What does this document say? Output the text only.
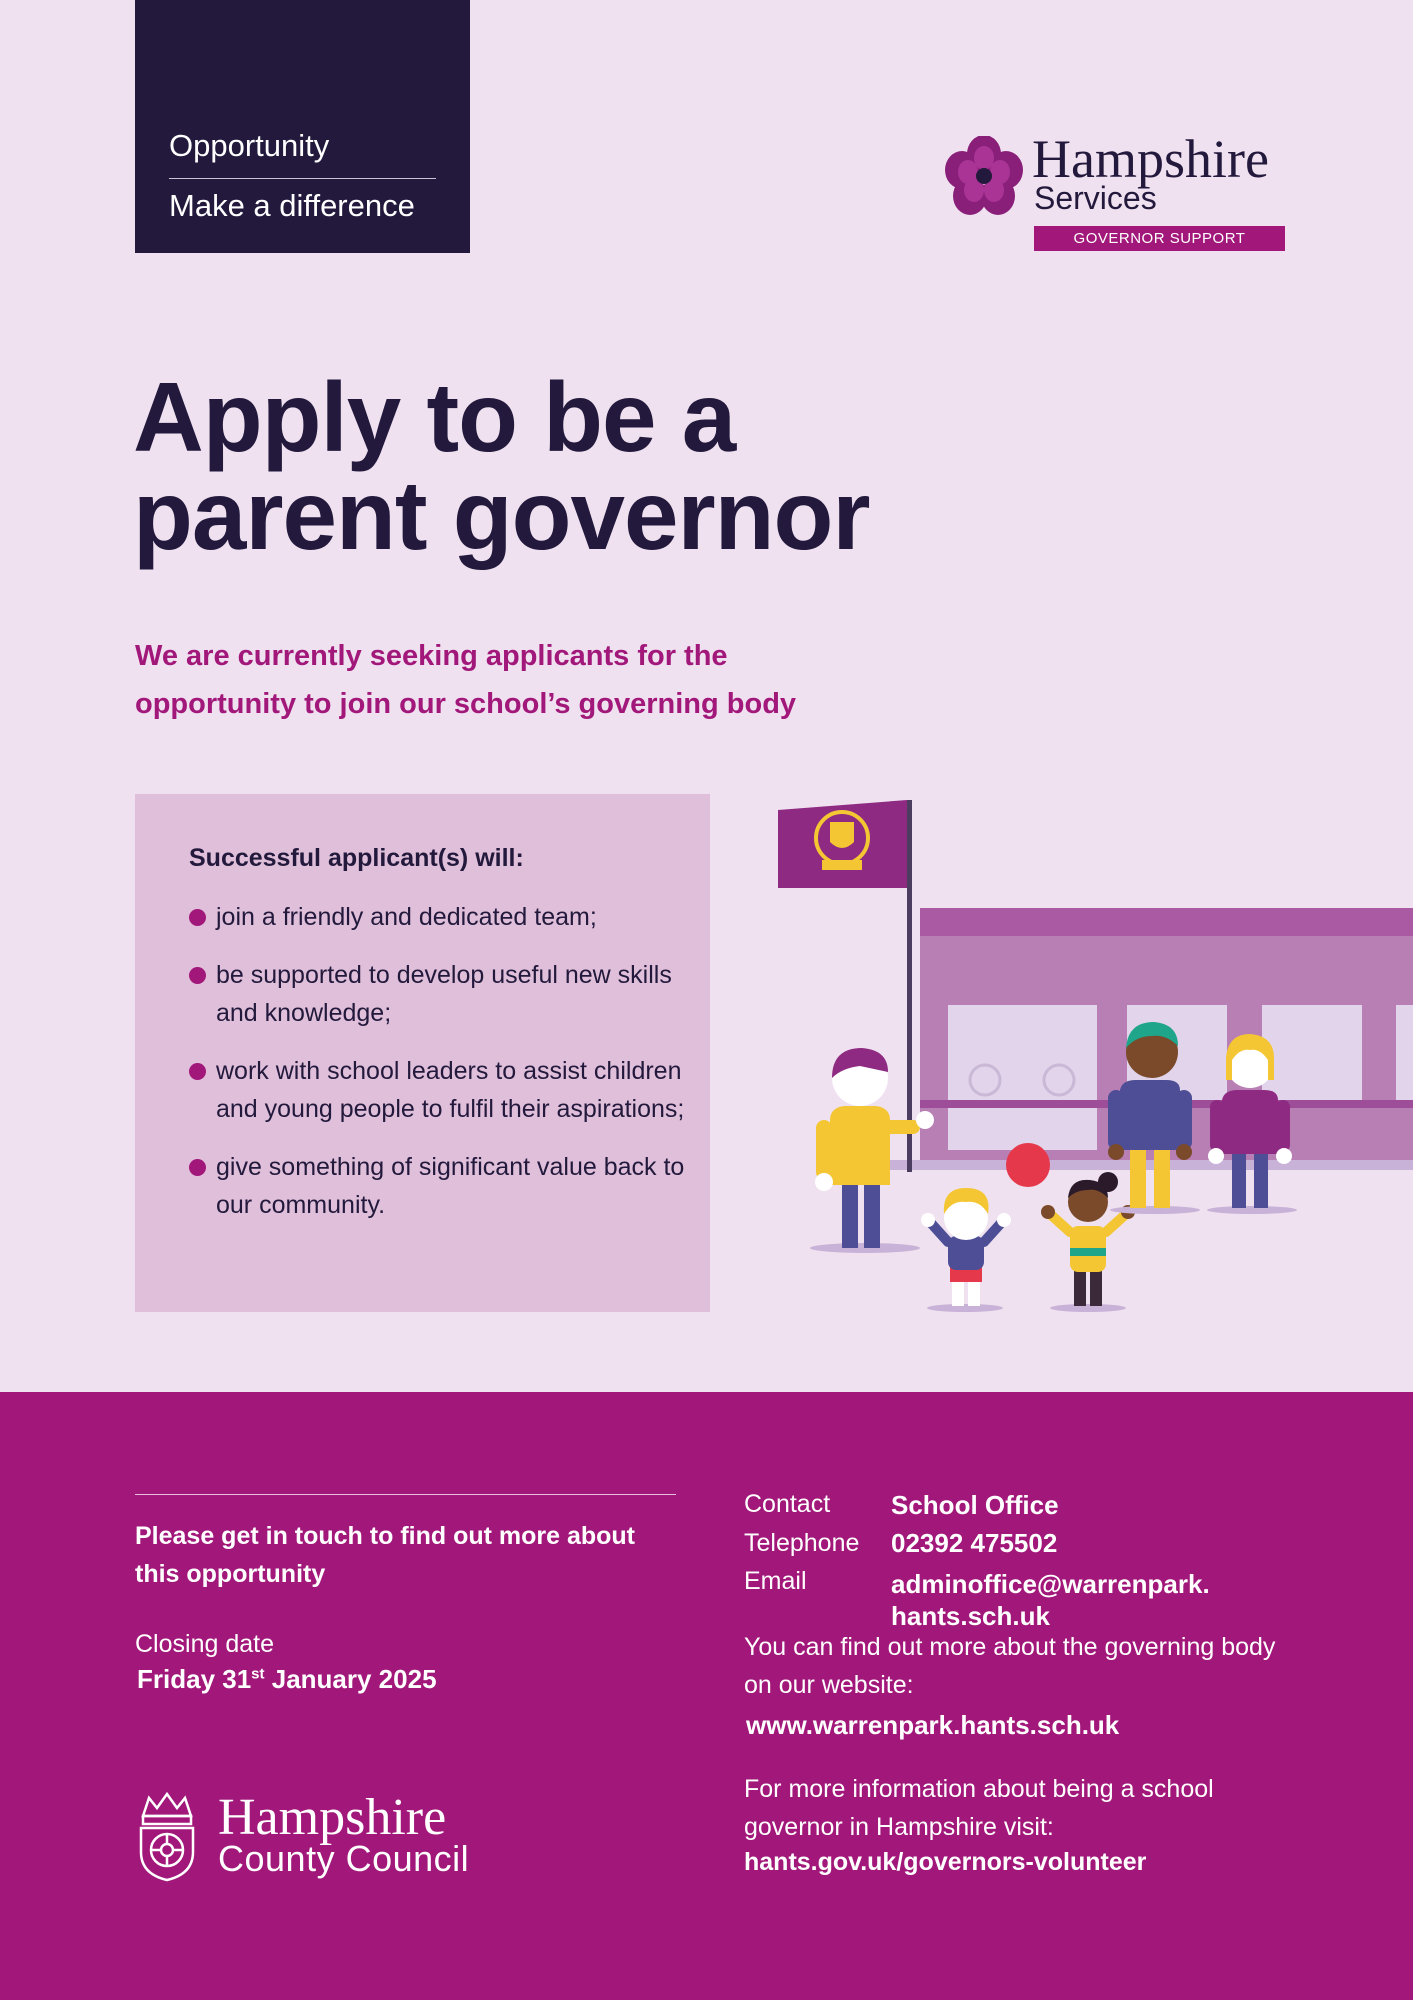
Opportunity
Make a difference
Hampshire
Services
GOVERNOR SUPPORT
Apply to be a
parent governor
We are currently seeking applicants for the
opportunity to join our school’s governing body
Successful applicant(s) will:
join a friendly and dedicated team;
be supported to develop useful new skills and knowledge;
work with school leaders to assist children and young people to fulfil their aspirations;
give something of significant value back to our community.
Please get in touch to find out more about this opportunity
Closing date
Friday 31st January 2025
Contact School Office
Telephone 02392 475502
Email	adminoffice@warrenpark.
hants.sch.uk
You can find out more about the governing body on our website:
www.warrenpark.hants.sch.uk
For more information about being a school governor in Hampshire visit:
hants.gov.uk/governors-volunteer
Hampshire
County Council
